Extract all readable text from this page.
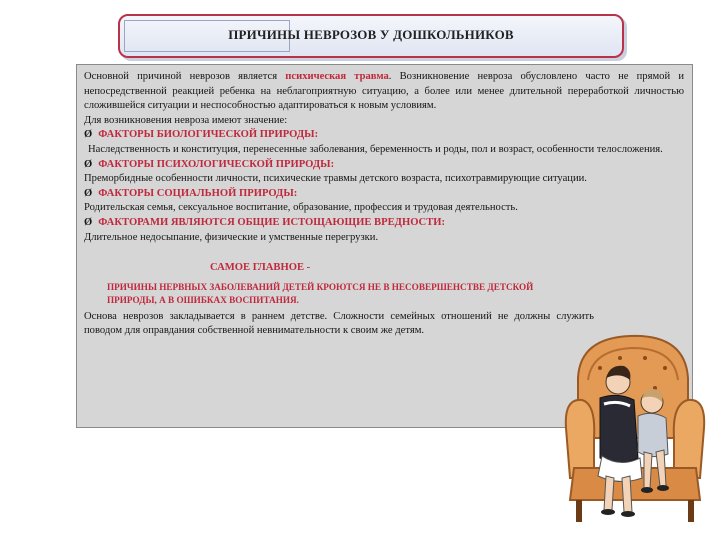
ПРИЧИНЫ НЕВРОЗОВ У ДОШКОЛЬНИКОВ

Основной причиной неврозов является психическая травма. Возникновение невроза обусловлено часто не прямой и непосредственной реакцией ребенка на неблагоприятную ситуацию, а более или менее длительной переработкой личностью сложившейся ситуации и неспособностью адаптироваться к новым условиям.

Для возникновения невроза имеют значение:

Ø ФАКТОРЫ БИОЛОГИЧЕСКОЙ ПРИРОДЫ:

Наследственность и конституция, перенесенные заболевания, беременность и роды, пол и возраст, особенности телосложения.

Ø ФАКТОРЫ ПСИХОЛОГИЧЕСКОЙ ПРИРОДЫ:

Преморбидные особенности личности, психические травмы детского возраста, психотравмирующие ситуации.

Ø ФАКТОРЫ СОЦИАЛЬНОЙ ПРИРОДЫ:

Родительская семья, сексуальное воспитание, образование, профессия и трудовая деятельность.

Ø ФАКТОРАМИ ЯВЛЯЮТСЯ ОБЩИЕ ИСТОЩАЮЩИЕ ВРЕДНОСТИ:

Длительное недосыпание, физические и умственные перегрузки.

САМОЕ ГЛАВНОЕ -

ПРИЧИНЫ НЕРВНЫХ ЗАБОЛЕВАНИЙ ДЕТЕЙ КРОЮТСЯ НЕ В НЕСОВЕРШЕНСТВЕ ДЕТСКОЙ ПРИРОДЫ, А В ОШИБКАХ ВОСПИТАНИЯ.

Основа неврозов закладывается в раннем детстве. Сложности семейных отношений не должны служить поводом для оправдания собственной невнимательности к своим же детям.
